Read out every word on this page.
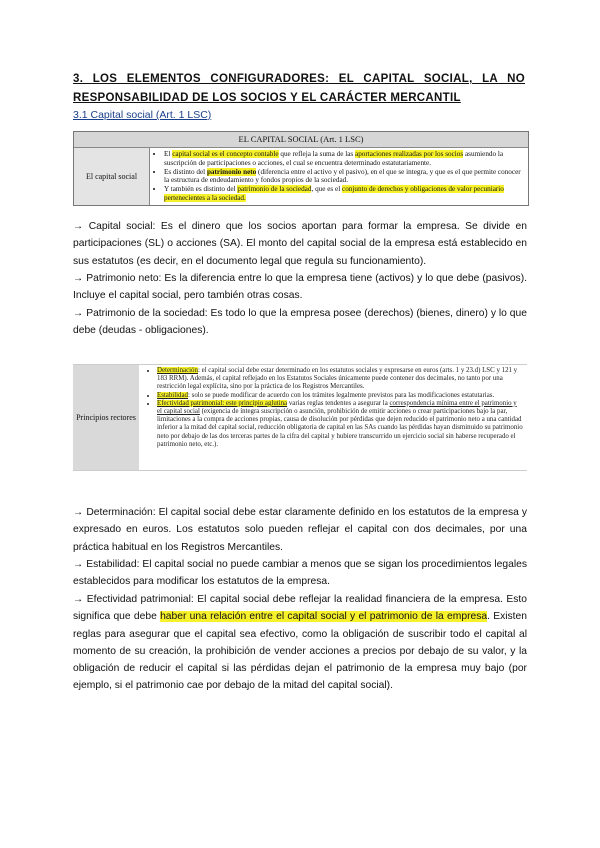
3. LOS ELEMENTOS CONFIGURADORES: EL CAPITAL SOCIAL, LA NO
RESPONSABILIDAD DE LOS SOCIOS Y EL CARÁCTER MERCANTIL
3.1 Capital social (Art. 1 LSC)
EL CAPITAL SOCIAL (Art. 1 LSC)
El capital social
• El capital social es el concepto contable que refleja la suma de las aportaciones realizadas por los socios asumiendo la suscripción de participaciones o acciones, el cual se encuentra determinado estatutariamente.
• Es distinto del patrimonio neto (diferencia entre el activo y el pasivo), en el que se integra, y que es el que permite conocer la estructura de endeudamiento y fondos propios de la sociedad.
• Y también es distinto del patrimonio de la sociedad, que es el conjunto de derechos y obligaciones de valor pecuniario pertenecientes a la sociedad.

→ Capital social: Es el dinero que los socios aportan para formar la empresa. Se divide en participaciones (SL) o acciones (SA). El monto del capital social de la empresa está establecido en sus estatutos (es decir, en el documento legal que regula su funcionamiento).

→ Patrimonio neto: Es la diferencia entre lo que la empresa tiene (activos) y lo que debe (pasivos). Incluye el capital social, pero también otras cosas.

→ Patrimonio de la sociedad: Es todo lo que la empresa posee (derechos) (bienes, dinero) y lo que debe (deudas - obligaciones).

Principios rectores
• Determinación: el capital social debe estar determinado en los estatutos sociales y expresarse en euros (arts. 1 y 23.d) LSC y 121 y 183 RRM). Además, el capital reflejado en los Estatutos Sociales únicamente puede contener dos decimales, no tanto por una restricción legal explícita, sino por la práctica de los Registros Mercantiles.
• Estabilidad: solo se puede modificar de acuerdo con los trámites legalmente previstos para las modificaciones estatutarias.
• Efectividad patrimonial: este principio aglutina varias reglas tendentes a asegurar la correspondencia mínima entre el patrimonio y el capital social (exigencia de íntegra suscripción o asunción, prohibición de emitir acciones o crear participaciones bajo la par, limitaciones a la compra de acciones propias, causa de disolución por pérdidas que dejen reducido el patrimonio neto a una cantidad inferior a la mitad del capital social, reducción obligatoria de capital en las SAs cuando las pérdidas hayan disminuido su patrimonio neto por debajo de las dos terceras partes de la cifra del capital y hubiere transcurrido un ejercicio social sin haberse recuperado el patrimonio neto, etc.).

→ Determinación: El capital social debe estar claramente definido en los estatutos de la empresa y expresado en euros. Los estatutos solo pueden reflejar el capital con dos decimales, por una práctica habitual en los Registros Mercantiles.

→ Estabilidad: El capital social no puede cambiar a menos que se sigan los procedimientos legales establecidos para modificar los estatutos de la empresa.

→ Efectividad patrimonial: El capital social debe reflejar la realidad financiera de la empresa. Esto significa que debe haber una relación entre el capital social y el patrimonio de la empresa. Existen reglas para asegurar que el capital sea efectivo, como la obligación de suscribir todo el capital al momento de su creación, la prohibición de vender acciones a precios por debajo de su valor, y la obligación de reducir el capital si las pérdidas dejan el patrimonio de la empresa muy bajo (por ejemplo, si el patrimonio cae por debajo de la mitad del capital social).
